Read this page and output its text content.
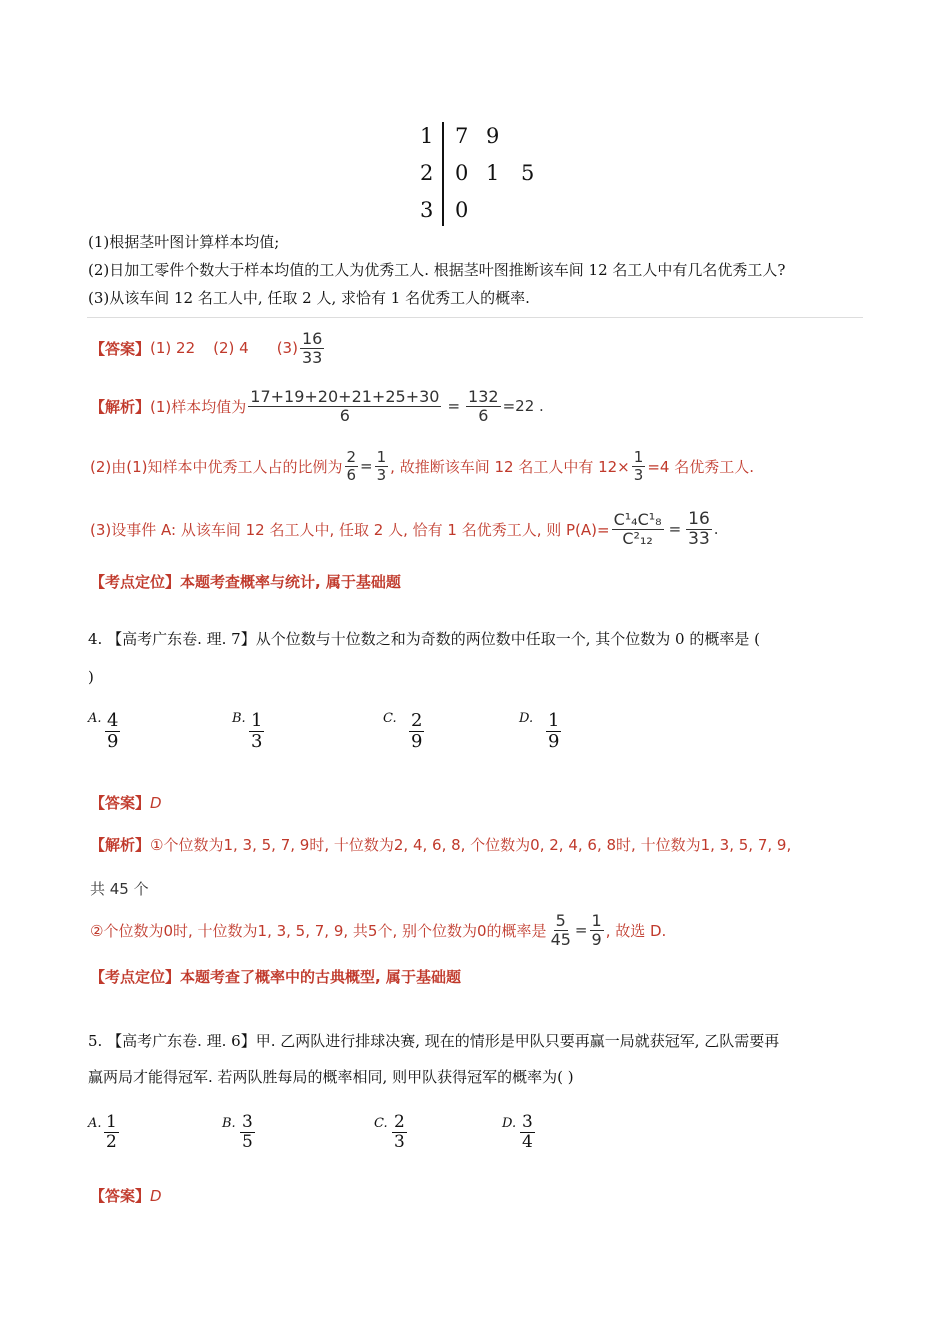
1 7 9
2 0 1 5
3 0
(1)根据茎叶图计算样本均值;
(2)日加工零件个数大于样本均值的工人为优秀工人. 根据茎叶图推断该车间 12 名工人中有几名优秀工人?
(3)从该车间 12 名工人中, 任取 2 人, 求恰有 1 名优秀工人的概率.
【答案】 (1) 22 (2) 4 $(3) \frac{16}{33}$
【解析】 (1)样本均值为 $\frac{17+19+20+21+25+30}{6} = \frac{132}{6} =22$ .
(2)由(1)知样本中优秀工人占的比例为 $\frac{2}{6} = \frac{1}{3}$ , 故推断该车间 12 名工人中有 $12\times \frac{1}{3} =4$ 名优秀工人.
(3)设事件 A: 从该车间 12 名工人中, 任取 2 人, 恰有 1 名优秀工人, 则 $P(A)= \frac{\text{C¹₄C¹₈}}{\text{C²₁₂}} = \frac{16}{33}$ .
【考点定位】本题考查概率与统计, 属于基础题
4. 【高考广东卷. 理. 7】从个位数与十位数之和为奇数的两位数中任取一个, 其个位数为 0 的概率是 (
)
A. $\frac{4}{9}$	B. $\frac{1}{3}$	C. $\frac{2}{9}$	D. $\frac{1}{9}$
【答案】D
【解析】①个位数为1, 3, 5, 7, 9时, 十位数为2, 4, 6, 8, 个位数为0, 2, 4, 6, 8时, 十位数为1, 3, 5, 7, 9,
共 45 个
②个位数为0时, 十位数为1, 3, 5, 7, 9, 共5个, 别个位数为0的概率是 $\frac{5}{45} = \frac{1}{9}$ , 故选 D.
【考点定位】本题考查了概率中的古典概型, 属于基础题
5. 【高考广东卷. 理. 6】甲. 乙两队进行排球决赛, 现在的情形是甲队只要再赢一局就获冠军, 乙队需要再
赢两局才能得冠军. 若两队胜每局的概率相同, 则甲队获得冠军的概率为( )
A. $\frac{1}{2}$	B. $\frac{3}{5}$	C. $\frac{2}{3}$	D. $\frac{3}{4}$
【答案】D
